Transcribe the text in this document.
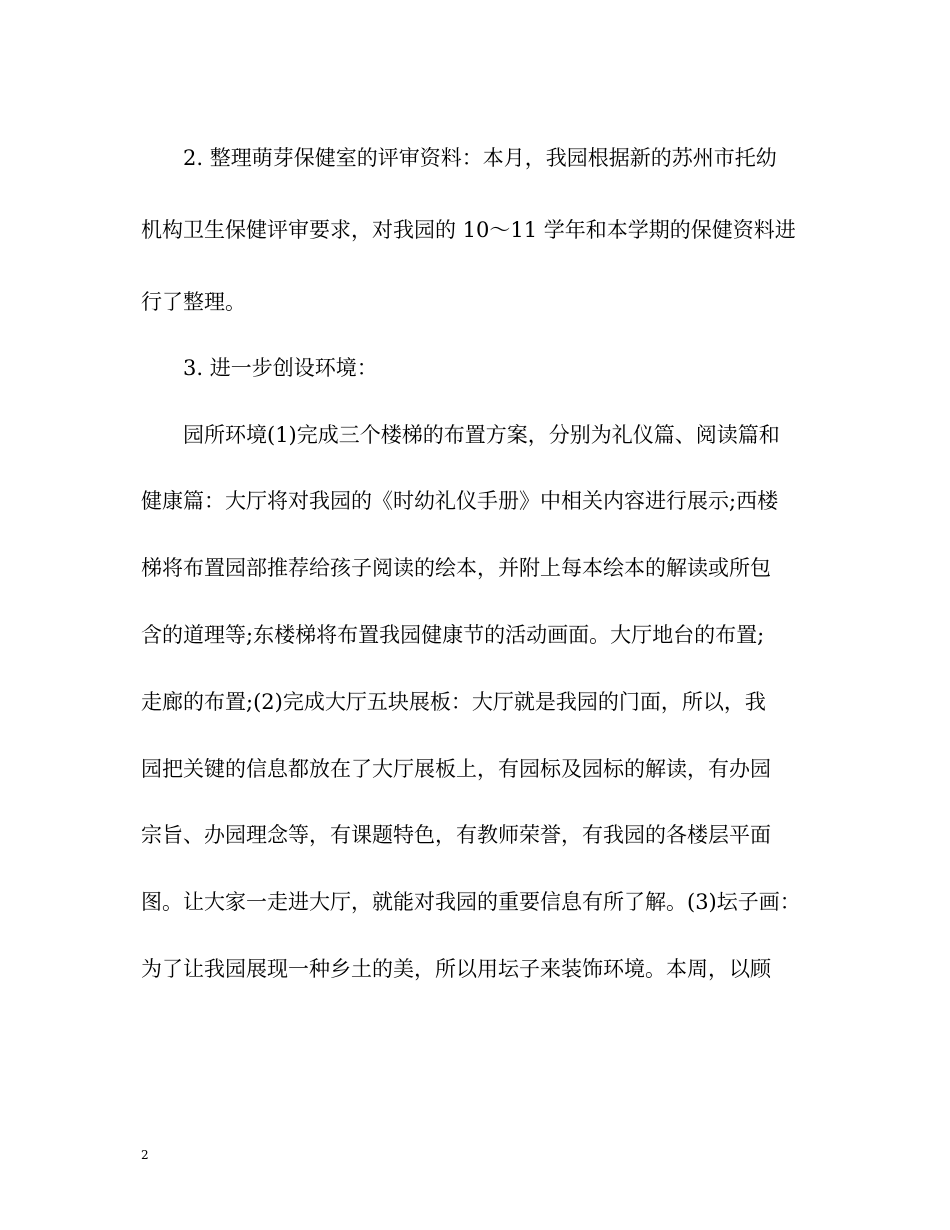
2. 整理萌芽保健室的评审资料：本月，我园根据新的苏州市托幼

机构卫生保健评审要求，对我园的 10～11 学年和本学期的保健资料进

行了整理。

3. 进一步创设环境：

园所环境(1)完成三个楼梯的布置方案，分别为礼仪篇、阅读篇和

健康篇：大厅将对我园的《时幼礼仪手册》中相关内容进行展示;西楼

梯将布置园部推荐给孩子阅读的绘本，并附上每本绘本的解读或所包

含的道理等;东楼梯将布置我园健康节的活动画面。大厅地台的布置;

走廊的布置;(2)完成大厅五块展板：大厅就是我园的门面，所以，我

园把关键的信息都放在了大厅展板上，有园标及园标的解读，有办园

宗旨、办园理念等，有课题特色，有教师荣誉，有我园的各楼层平面

图。让大家一走进大厅，就能对我园的重要信息有所了解。(3)坛子画：

为了让我园展现一种乡土的美，所以用坛子来装饰环境。本周，以顾

2
